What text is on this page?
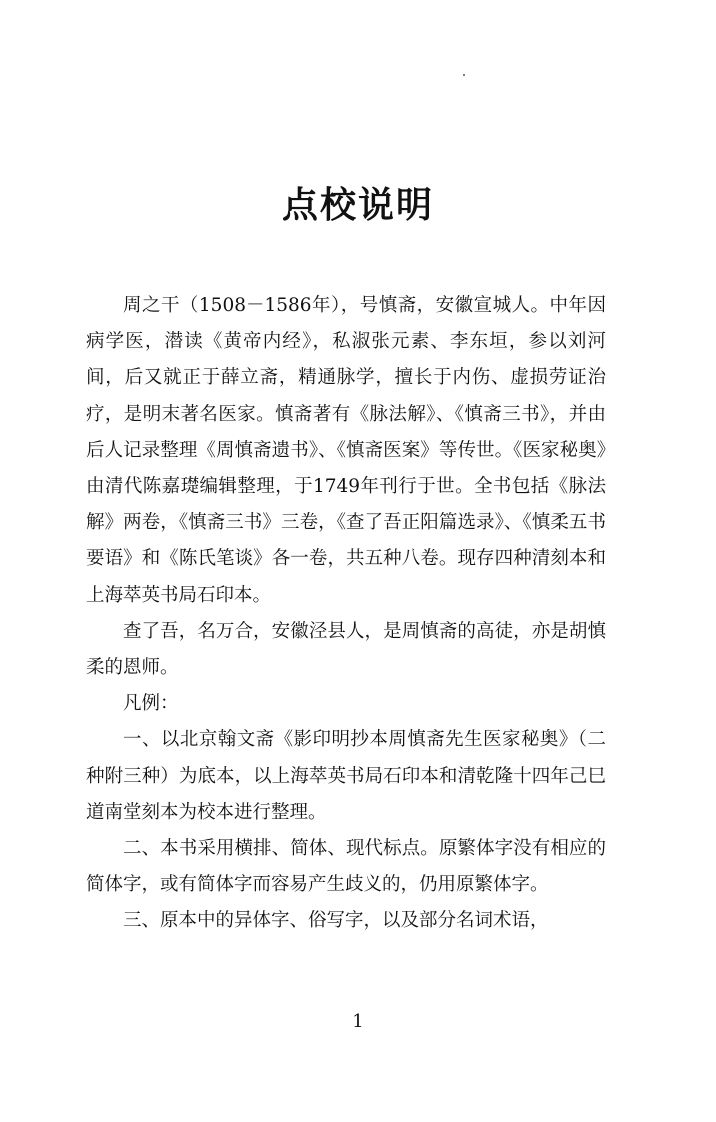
点校说明

周之干（1508－1586年），号慎斋，安徽宣城人。中年因病学医，潜读《黄帝内经》，私淑张元素、李东垣，参以刘河间，后又就正于薛立斋，精通脉学，擅长于内伤、虚损劳证治疗，是明末著名医家。慎斋著有《脉法解》、《慎斋三书》，并由后人记录整理《周慎斋遗书》、《慎斋医案》等传世。《医家秘奥》由清代陈嘉璴编辑整理，于1749年刊行于世。全书包括《脉法解》两卷，《慎斋三书》三卷，《查了吾正阳篇选录》、《慎柔五书要语》和《陈氏笔谈》各一卷，共五种八卷。现存四种清刻本和上海萃英书局石印本。

查了吾，名万合，安徽泾县人，是周慎斋的高徒，亦是胡慎柔的恩师。

凡例：

一、以北京翰文斋《影印明抄本周慎斋先生医家秘奥》（二种附三种）为底本，以上海萃英书局石印本和清乾隆十四年己巳道南堂刻本为校本进行整理。

二、本书采用横排、简体、现代标点。原繁体字没有相应的简体字，或有简体字而容易产生歧义的，仍用原繁体字。

三、原本中的异体字、俗写字，以及部分名词术语，

1
